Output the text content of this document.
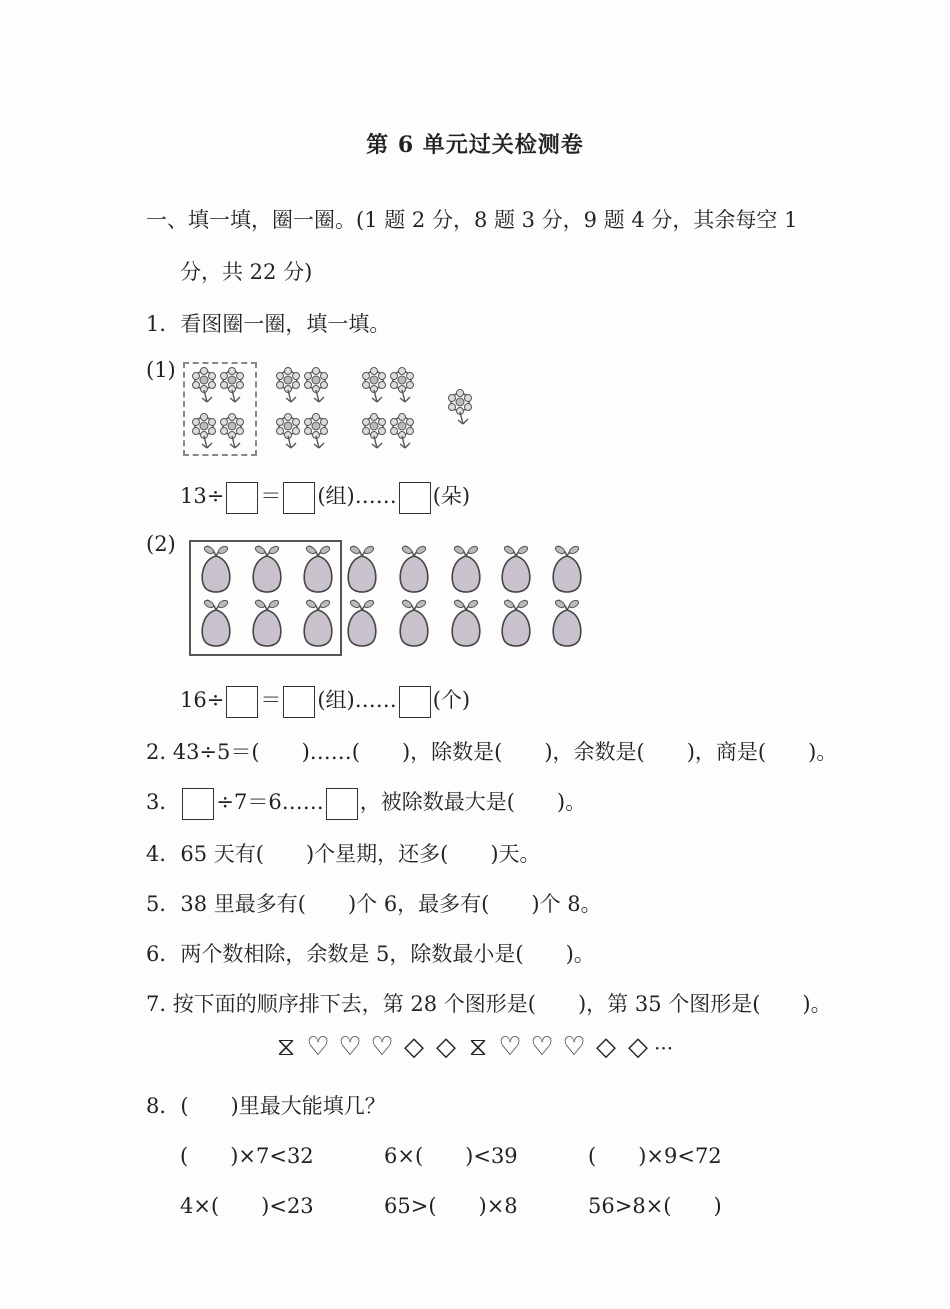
第 6 单元过关检测卷
一、填一填，圈一圈。(1 题 2 分，8 题 3 分，9 题 4 分，其余每空 1
分，共 22 分)
1．看图圈一圈，填一填。
(1)
13÷ ＝ (组)…… (朵)
(2)
16÷ ＝ (组)…… (个)
2. 43÷5＝(　　)……(　　)，除数是(　　)，余数是(　　)，商是(　　)。
3． ÷7＝6…… ，被除数最大是(　　)。
4．65 天有(　　)个星期，还多(　　)天。
5．38 里最多有(　　)个 6，最多有(　　)个 8。
6．两个数相除，余数是 5，除数最小是(　　)。
7. 按下面的顺序排下去，第 28 个图形是(　　)，第 35 个图形是(　　)。
⧖ ♡ ♡ ♡ ◇ ◇ ⧖ ♡ ♡ ♡ ◇ ◇ ···
8．(　　)里最大能填几？
(　　)×7<32	6×(　　)<39	(　　)×9<72
4×(　　)<23	65>(　　)×8	56>8×(　　)
